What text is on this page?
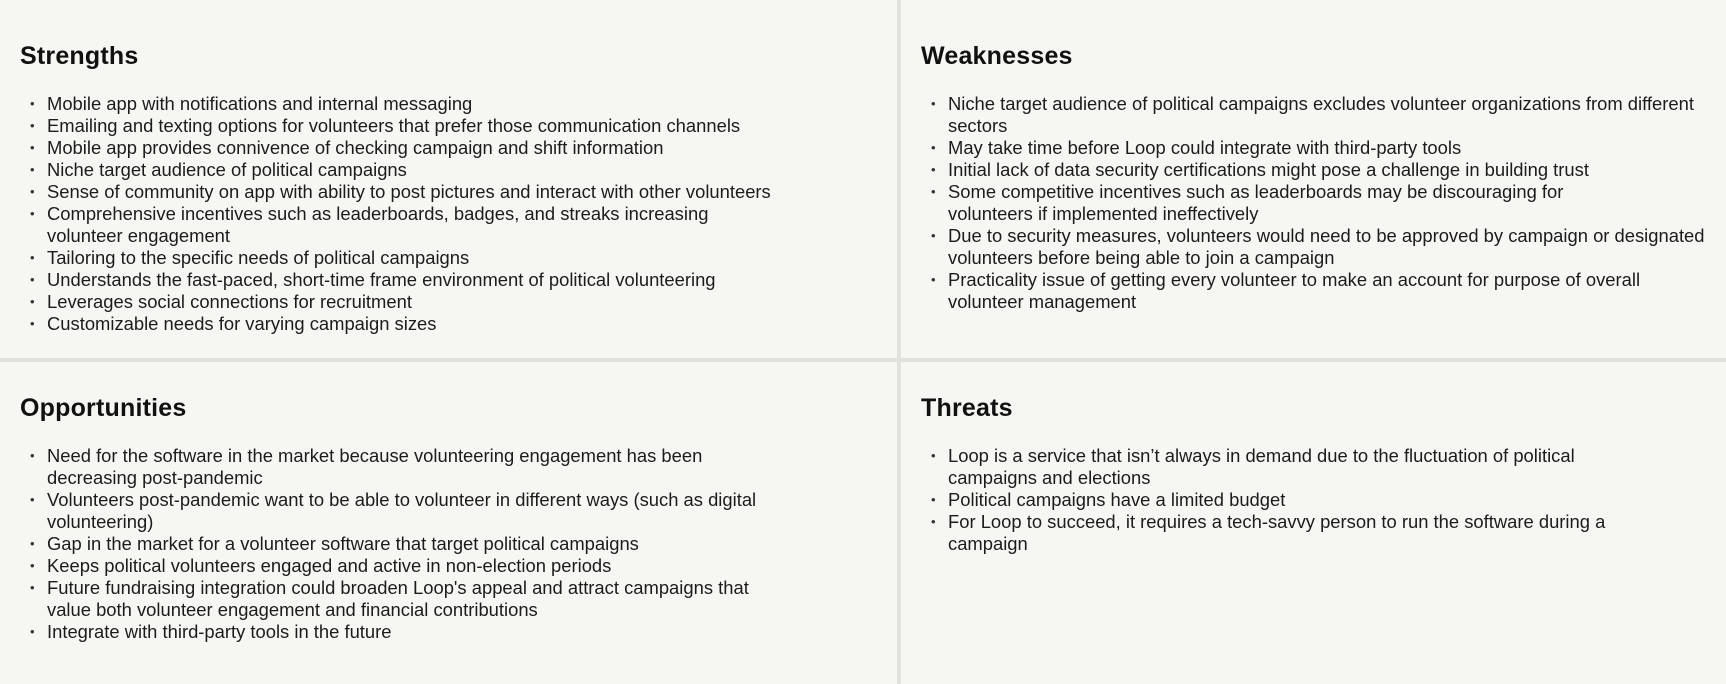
Strengths
• Mobile app with notifications and internal messaging
• Emailing and texting options for volunteers that prefer those communication channels
• Mobile app provides connivence of checking campaign and shift information
• Niche target audience of political campaigns
• Sense of community on app with ability to post pictures and interact with other volunteers
• Comprehensive incentives such as leaderboards, badges, and streaks increasing volunteer engagement
• Tailoring to the specific needs of political campaigns
• Understands the fast-paced, short-time frame environment of political volunteering
• Leverages social connections for recruitment
• Customizable needs for varying campaign sizes
Weaknesses
• Niche target audience of political campaigns excludes volunteer organizations from different sectors
• May take time before Loop could integrate with third-party tools
• Initial lack of data security certifications might pose a challenge in building trust
• Some competitive incentives such as leaderboards may be discouraging for volunteers if implemented ineffectively
• Due to security measures, volunteers would need to be approved by campaign or designated volunteers before being able to join a campaign
• Practicality issue of getting every volunteer to make an account for purpose of overall volunteer management
Opportunities
• Need for the software in the market because volunteering engagement has been decreasing post-pandemic
• Volunteers post-pandemic want to be able to volunteer in different ways (such as digital volunteering)
• Gap in the market for a volunteer software that target political campaigns
• Keeps political volunteers engaged and active in non-election periods
• Future fundraising integration could broaden Loop's appeal and attract campaigns that value both volunteer engagement and financial contributions
• Integrate with third-party tools in the future
Threats
• Loop is a service that isn’t always in demand due to the fluctuation of political campaigns and elections
• Political campaigns have a limited budget
• For Loop to succeed, it requires a tech-savvy person to run the software during a campaign
